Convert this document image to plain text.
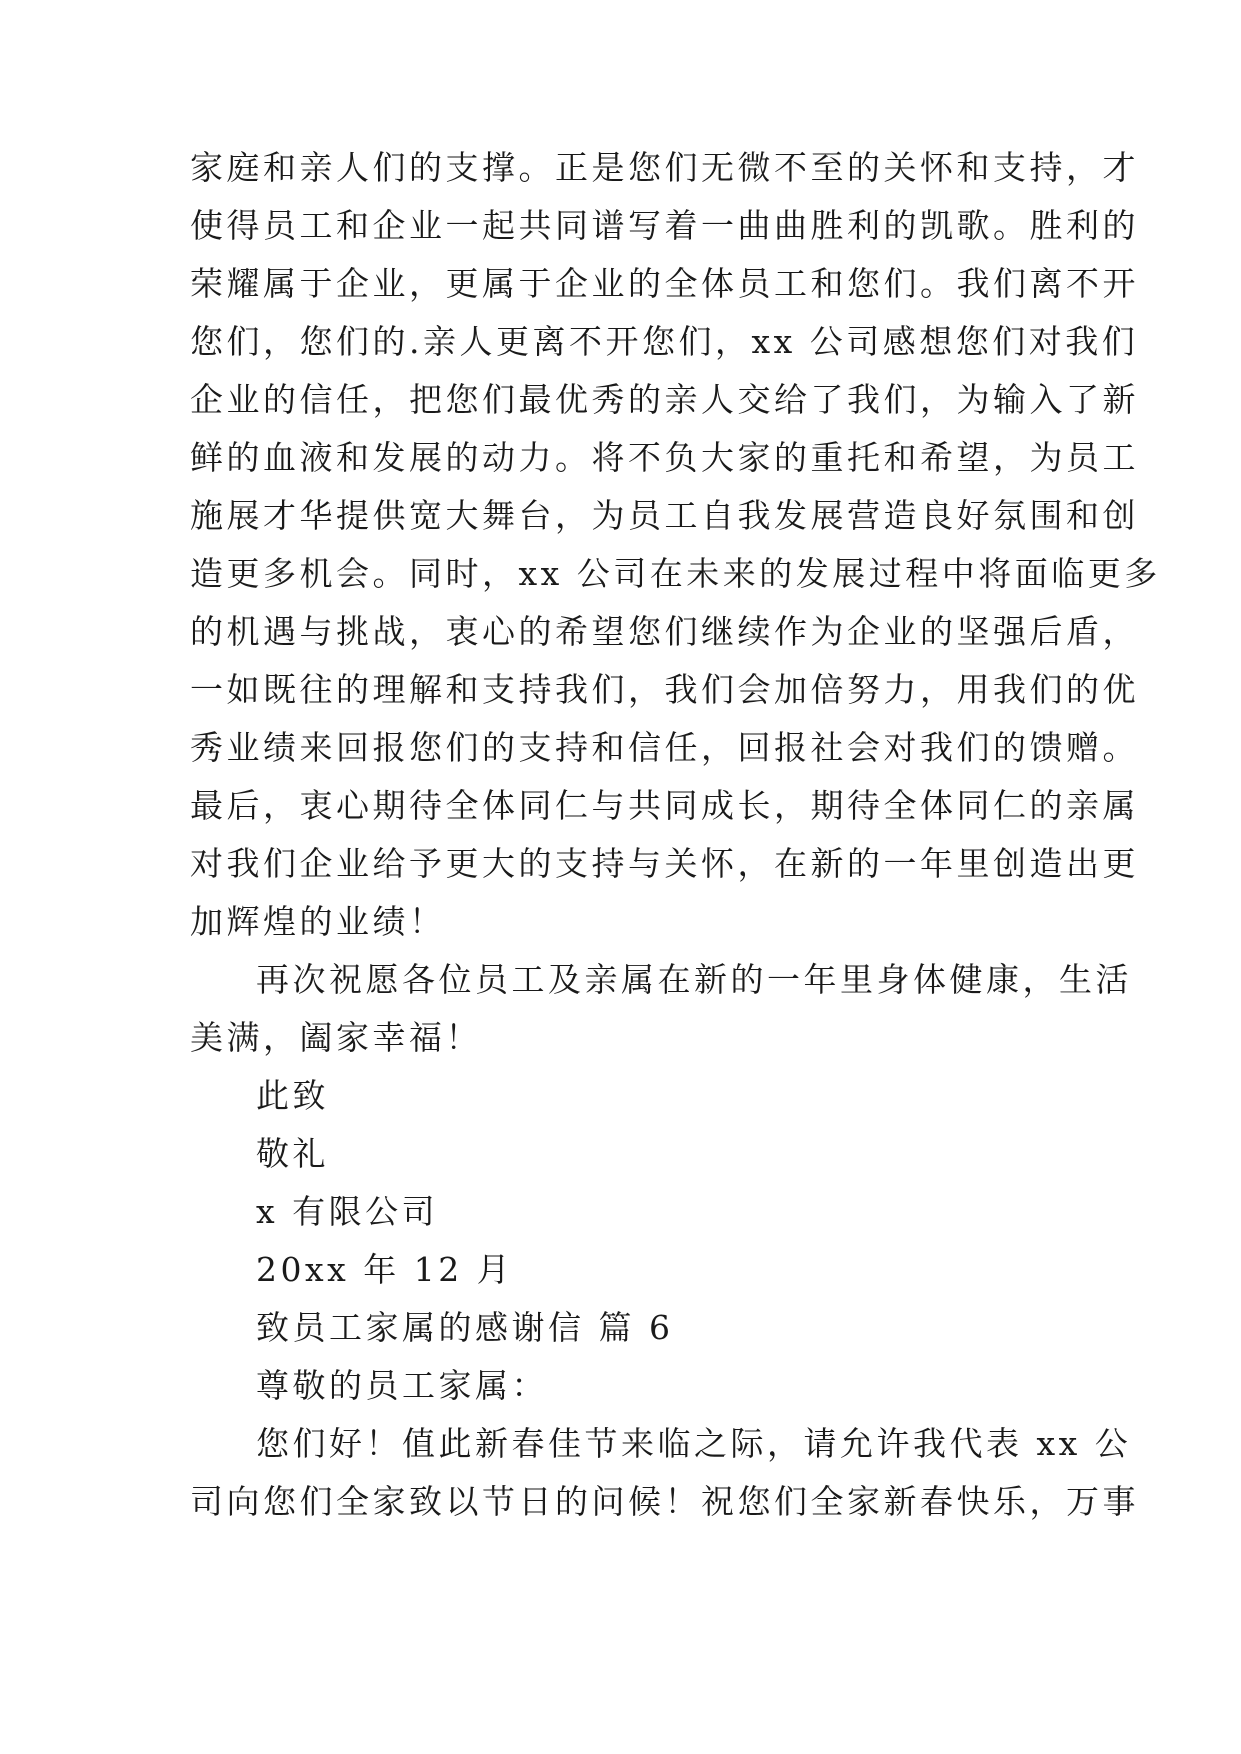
家庭和亲人们的支撑。正是您们无微不至的关怀和支持，才
使得员工和企业一起共同谱写着一曲曲胜利的凯歌。胜利的
荣耀属于企业，更属于企业的全体员工和您们。我们离不开
您们，您们的.亲人更离不开您们，xx 公司感想您们对我们
企业的信任，把您们最优秀的亲人交给了我们，为输入了新
鲜的血液和发展的动力。将不负大家的重托和希望，为员工
施展才华提供宽大舞台，为员工自我发展营造良好氛围和创
造更多机会。同时，xx 公司在未来的发展过程中将面临更多
的机遇与挑战，衷心的希望您们继续作为企业的坚强后盾，
一如既往的理解和支持我们，我们会加倍努力，用我们的优
秀业绩来回报您们的支持和信任，回报社会对我们的馈赠。
最后，衷心期待全体同仁与共同成长，期待全体同仁的亲属
对我们企业给予更大的支持与关怀，在新的一年里创造出更
加辉煌的业绩！
再次祝愿各位员工及亲属在新的一年里身体健康，生活
美满，阖家幸福！
此致
敬礼
x 有限公司
20xx 年 12 月
致员工家属的感谢信 篇 6
尊敬的员工家属：
您们好！值此新春佳节来临之际，请允许我代表 xx 公
司向您们全家致以节日的问候！祝您们全家新春快乐，万事
